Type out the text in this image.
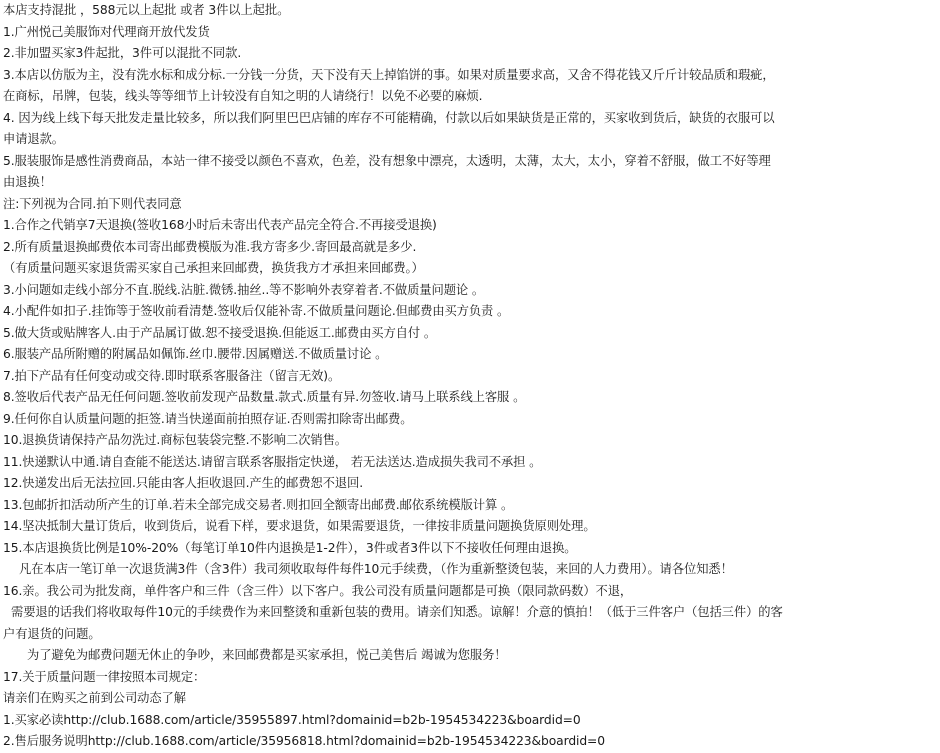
本店支持混批 ，588元以上起批 或者 3件以上起批。
1.广州悦己美服饰对代理商开放代发货
2.非加盟买家3件起批，3件可以混批不同款.
3.本店以仿版为主，没有洗水标和成分标.一分钱一分货，天下没有天上掉馅饼的事。如果对质量要求高，又舍不得花钱又斤斤计较品质和瑕疵，
在商标，吊牌，包装，线头等等细节上计较没有自知之明的人请绕行！以免不必要的麻烦.
4. 因为线上线下每天批发走量比较多，所以我们阿里巴巴店铺的库存不可能精确，付款以后如果缺货是正常的，买家收到货后，缺货的衣服可以
申请退款。
5.服装服饰是感性消费商品，本站一律不接受以颜色不喜欢，色差，没有想象中漂亮，太透明，太薄，太大，太小，穿着不舒服，做工不好等理
由退换！
注:下列视为合同.拍下则代表同意
1.合作之代销享7天退换(签收168小时后未寄出代表产品完全符合.不再接受退换)
2.所有质量退换邮费依本司寄出邮费模版为准.我方寄多少.寄回最高就是多少.
（有质量问题买家退货需买家自己承担来回邮费，换货我方才承担来回邮费。）
3.小问题如走线小部分不直.脱线.沾脏.微锈.抽丝..等不影响外表穿着者.不做质量问题论 。
4.小配件如扣子.挂饰等于签收前看清楚.签收后仅能补寄.不做质量问题论.但邮费由买方负责 。
5.做大货或贴牌客人.由于产品属订做.恕不接受退换.但能返工.邮费由买方自付 。
6.服装产品所附赠的附属品如佩饰.丝巾.腰带.因属赠送.不做质量讨论 。
7.拍下产品有任何变动或交待.即时联系客服备注（留言无效)。
8.签收后代表产品无任何问题.签收前发现产品数量.款式.质量有异.勿签收.请马上联系线上客服 。
9.任何你自认质量问题的拒签.请当快递面前拍照存证.否则需扣除寄出邮费。
10.退换货请保持产品勿洗过.商标包装袋完整.不影响二次销售。
11.快递默认中通.请自查能不能送达.请留言联系客服指定快递， 若无法送达.造成损失我司不承担 。
12.快递发出后无法拉回.只能由客人拒收退回.产生的邮费恕不退回.
13.包邮折扣活动所产生的订单.若未全部完成交易者.则扣回全额寄出邮费.邮依系统模版计算 。
14.坚决抵制大量订货后，收到货后，说看下样，要求退货，如果需要退货，一律按非质量问题换货原则处理。
15.本店退换货比例是10%-20%（每笔订单10件内退换是1-2件），3件或者3件以下不接收任何理由退换。
凡在本店一笔订单一次退货满3件（含3件）我司须收取每件每件10元手续费，（作为重新整烫包装，来回的人力费用）。请各位知悉！
16.亲。我公司为批发商，单件客户和三件（含三件）以下客户。我公司没有质量问题都是可换（限同款码数）不退，
需要退的话我们将收取每件10元的手续费作为来回整烫和重新包装的费用。请亲们知悉。谅解！介意的慎拍！（低于三件客户（包括三件）的客
户有退货的问题。
为了避免为邮费问题无休止的争吵，来回邮费都是买家承担，悦己美售后 竭诚为您服务！
17.关于质量问题一律按照本司规定：
请亲们在购买之前到公司动态了解
1.买家必读http://club.1688.com/article/35955897.html?domainid=b2b-1954534223&boardid=0
2.售后服务说明http://club.1688.com/article/35956818.html?domainid=b2b-1954534223&boardid=0
